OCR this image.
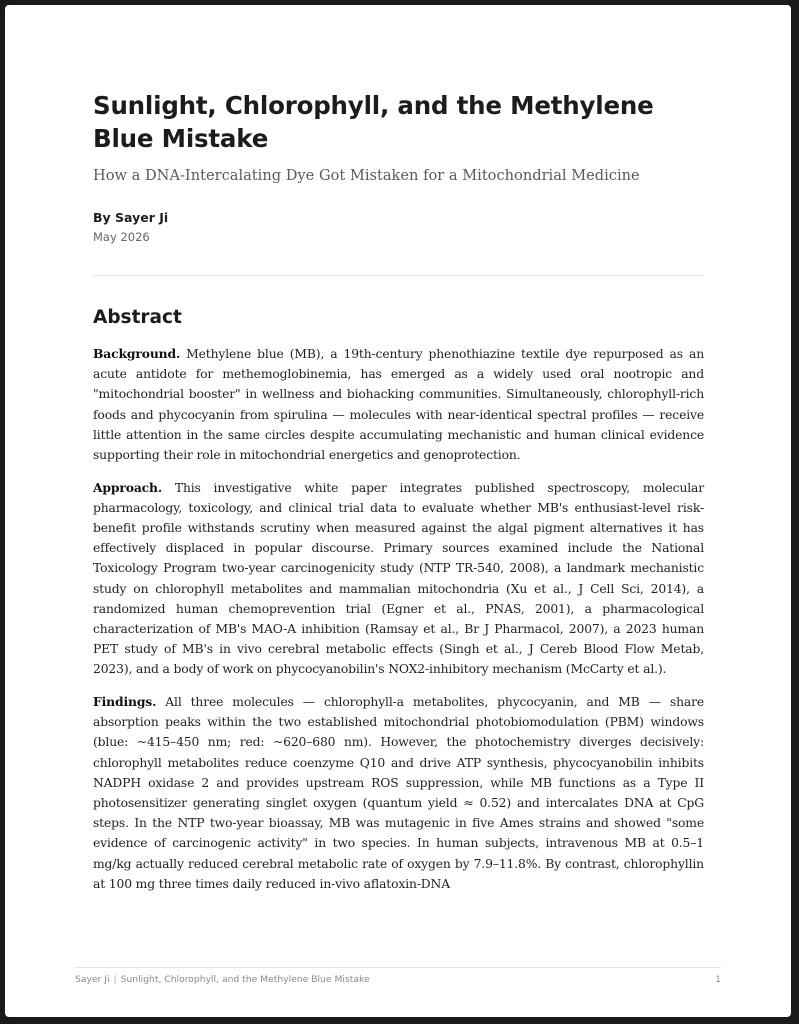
Sunlight, Chlorophyll, and the Methylene Blue Mistake
How a DNA-Intercalating Dye Got Mistaken for a Mitochondrial Medicine
By Sayer Ji
May 2026
Abstract

Background. Methylene blue (MB), a 19th-century phenothiazine textile dye repurposed as an acute antidote for methemoglobinemia, has emerged as a widely used oral nootropic and "mitochondrial booster" in wellness and biohacking communities. Simultaneously, chlorophyll-rich foods and phycocyanin from spirulina — molecules with near-identical spectral profiles — receive little attention in the same circles despite accumulating mechanistic and human clinical evidence supporting their role in mitochondrial energetics and genoprotection.

Approach. This investigative white paper integrates published spectroscopy, molecular pharmacology, toxicology, and clinical trial data to evaluate whether MB's enthusiast-level risk-benefit profile withstands scrutiny when measured against the algal pigment alternatives it has effectively displaced in popular discourse. Primary sources examined include the National Toxicology Program two-year carcinogenicity study (NTP TR-540, 2008), a landmark mechanistic study on chlorophyll metabolites and mammalian mitochondria (Xu et al., J Cell Sci, 2014), a randomized human chemoprevention trial (Egner et al., PNAS, 2001), a pharmacological characterization of MB's MAO-A inhibition (Ramsay et al., Br J Pharmacol, 2007), a 2023 human PET study of MB's in vivo cerebral metabolic effects (Singh et al., J Cereb Blood Flow Metab, 2023), and a body of work on phycocyanobilin's NOX2-inhibitory mechanism (McCarty et al.).

Findings. All three molecules — chlorophyll-a metabolites, phycocyanin, and MB — share absorption peaks within the two established mitochondrial photobiomodulation (PBM) windows (blue: ~415–450 nm; red: ~620–680 nm). However, the photochemistry diverges decisively: chlorophyll metabolites reduce coenzyme Q10 and drive ATP synthesis, phycocyanobilin inhibits NADPH oxidase 2 and provides upstream ROS suppression, while MB functions as a Type II photosensitizer generating singlet oxygen (quantum yield ≈ 0.52) and intercalates DNA at CpG steps. In the NTP two-year bioassay, MB was mutagenic in five Ames strains and showed "some evidence of carcinogenic activity" in two species. In human subjects, intravenous MB at 0.5–1 mg/kg actually reduced cerebral metabolic rate of oxygen by 7.9–11.8%. By contrast, chlorophyllin at 100 mg three times daily reduced in-vivo aflatoxin-DNA

Sayer Ji | Sunlight, Chlorophyll, and the Methylene Blue Mistake	1
